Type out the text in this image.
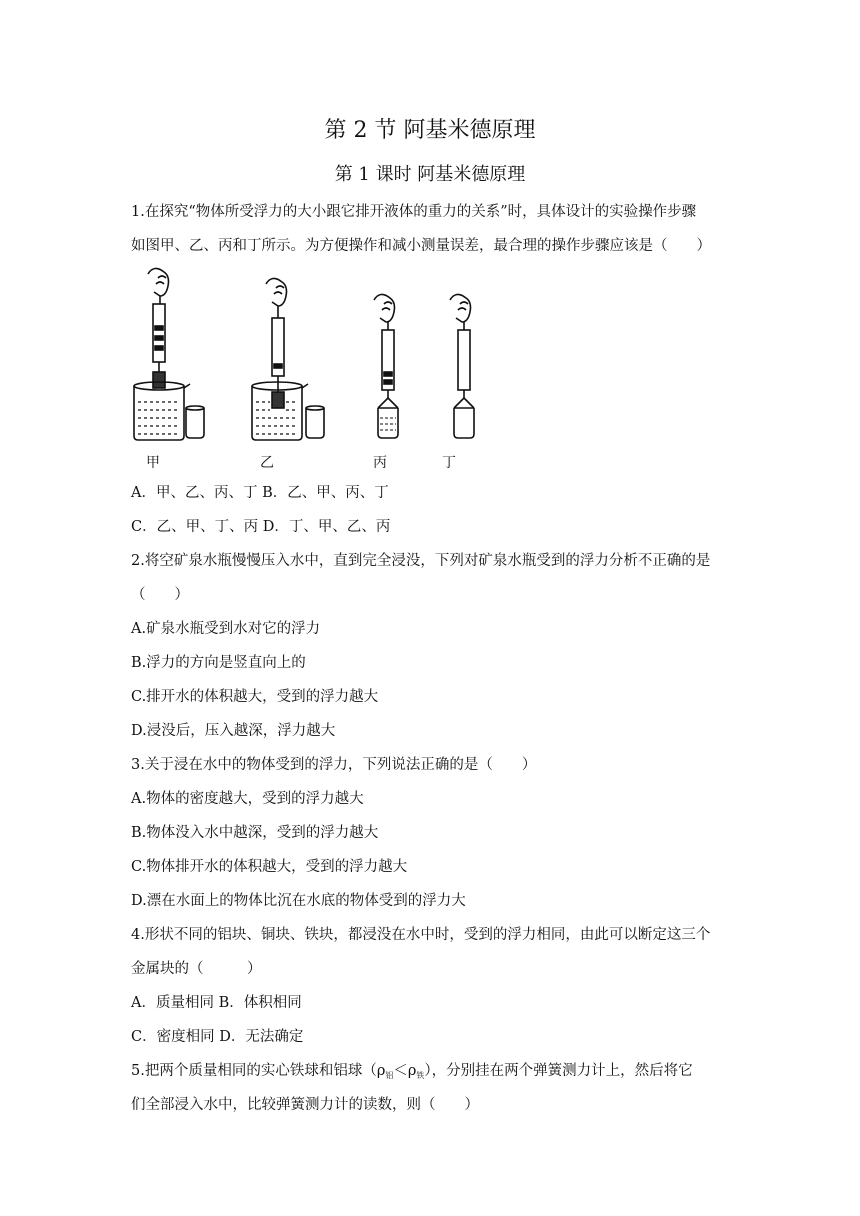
第 2 节 阿基米德原理
第 1 课时 阿基米德原理
1.在探究“物体所受浮力的大小跟它排开液体的重力的关系”时，具体设计的实验操作步骤
如图甲、乙、丙和丁所示。为方便操作和减小测量误差，最合理的操作步骤应该是（　　）
甲	乙	丙	丁
A．甲、乙、丙、丁 B．乙、甲、丙、丁
C．乙、甲、丁、丙 D．丁、甲、乙、丙
2.将空矿泉水瓶慢慢压入水中，直到完全浸没，下列对矿泉水瓶受到的浮力分析不正确的是
（　　）
A.矿泉水瓶受到水对它的浮力
B.浮力的方向是竖直向上的
C.排开水的体积越大，受到的浮力越大
D.浸没后，压入越深，浮力越大
3.关于浸在水中的物体受到的浮力，下列说法正确的是（　　）
A.物体的密度越大，受到的浮力越大
B.物体没入水中越深，受到的浮力越大
C.物体排开水的体积越大，受到的浮力越大
D.漂在水面上的物体比沉在水底的物体受到的浮力大
4.形状不同的铝块、铜块、铁块，都浸没在水中时，受到的浮力相同，由此可以断定这三个
金属块的（　　　）
A．质量相同 B．体积相同
C．密度相同 D．无法确定
5.把两个质量相同的实心铁球和铝球$(\rho_铝<\rho_铁)$，分别挂在两个弹簧测力计上，然后将它
们全部浸入水中，比较弹簧测力计的读数，则（　　）
